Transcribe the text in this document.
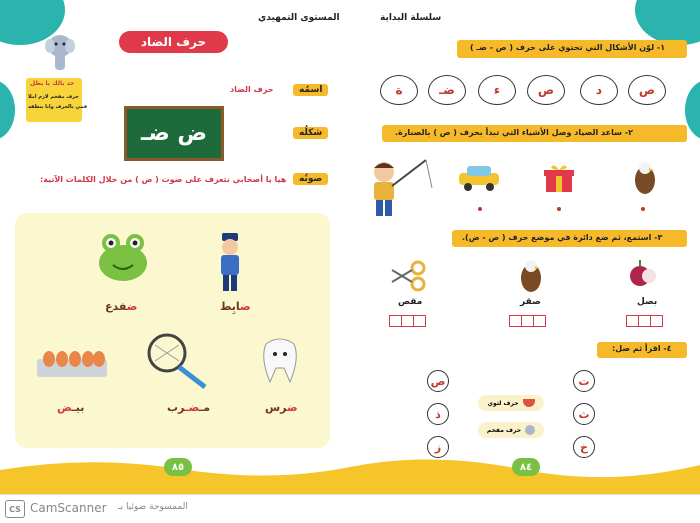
سلسلة البداية
المستوى التمهيدي
خد بالك يا بطل
حرف مفخم لازم املا
فمي بالحرف وانا بنطقه
حرف الضاد
اسمُه
حرف الضاد
شكلُه
ض ضـ
صوتُه
هيا يا أصحابي نتعرف على صوت ( ض ) من خلال الكلمات الآتية:
ضابِط
ضفدع
بيـض	مـضـرب	ضرس
١- لوّن الأشكال التي تحتوي على حرف ( ص - ضـ )
ص
د
ص
ء
ضـ
ة
٢- ساعد الصياد وصل الأشياء التي تبدأ بحرف ( ص ) بالصنارة.
٣- استمع، ثم ضع دائرة في موضع حرف ( ص - ض).
بصل
صقر
مقص
٤- اقرأ ثم صل:
ت
ث
خ
ص
ذ
ز
حرف لثوي
حرف مفخم
٨٥	٨٤
CS CamScanner الممسوحة ضوئيا بـ
